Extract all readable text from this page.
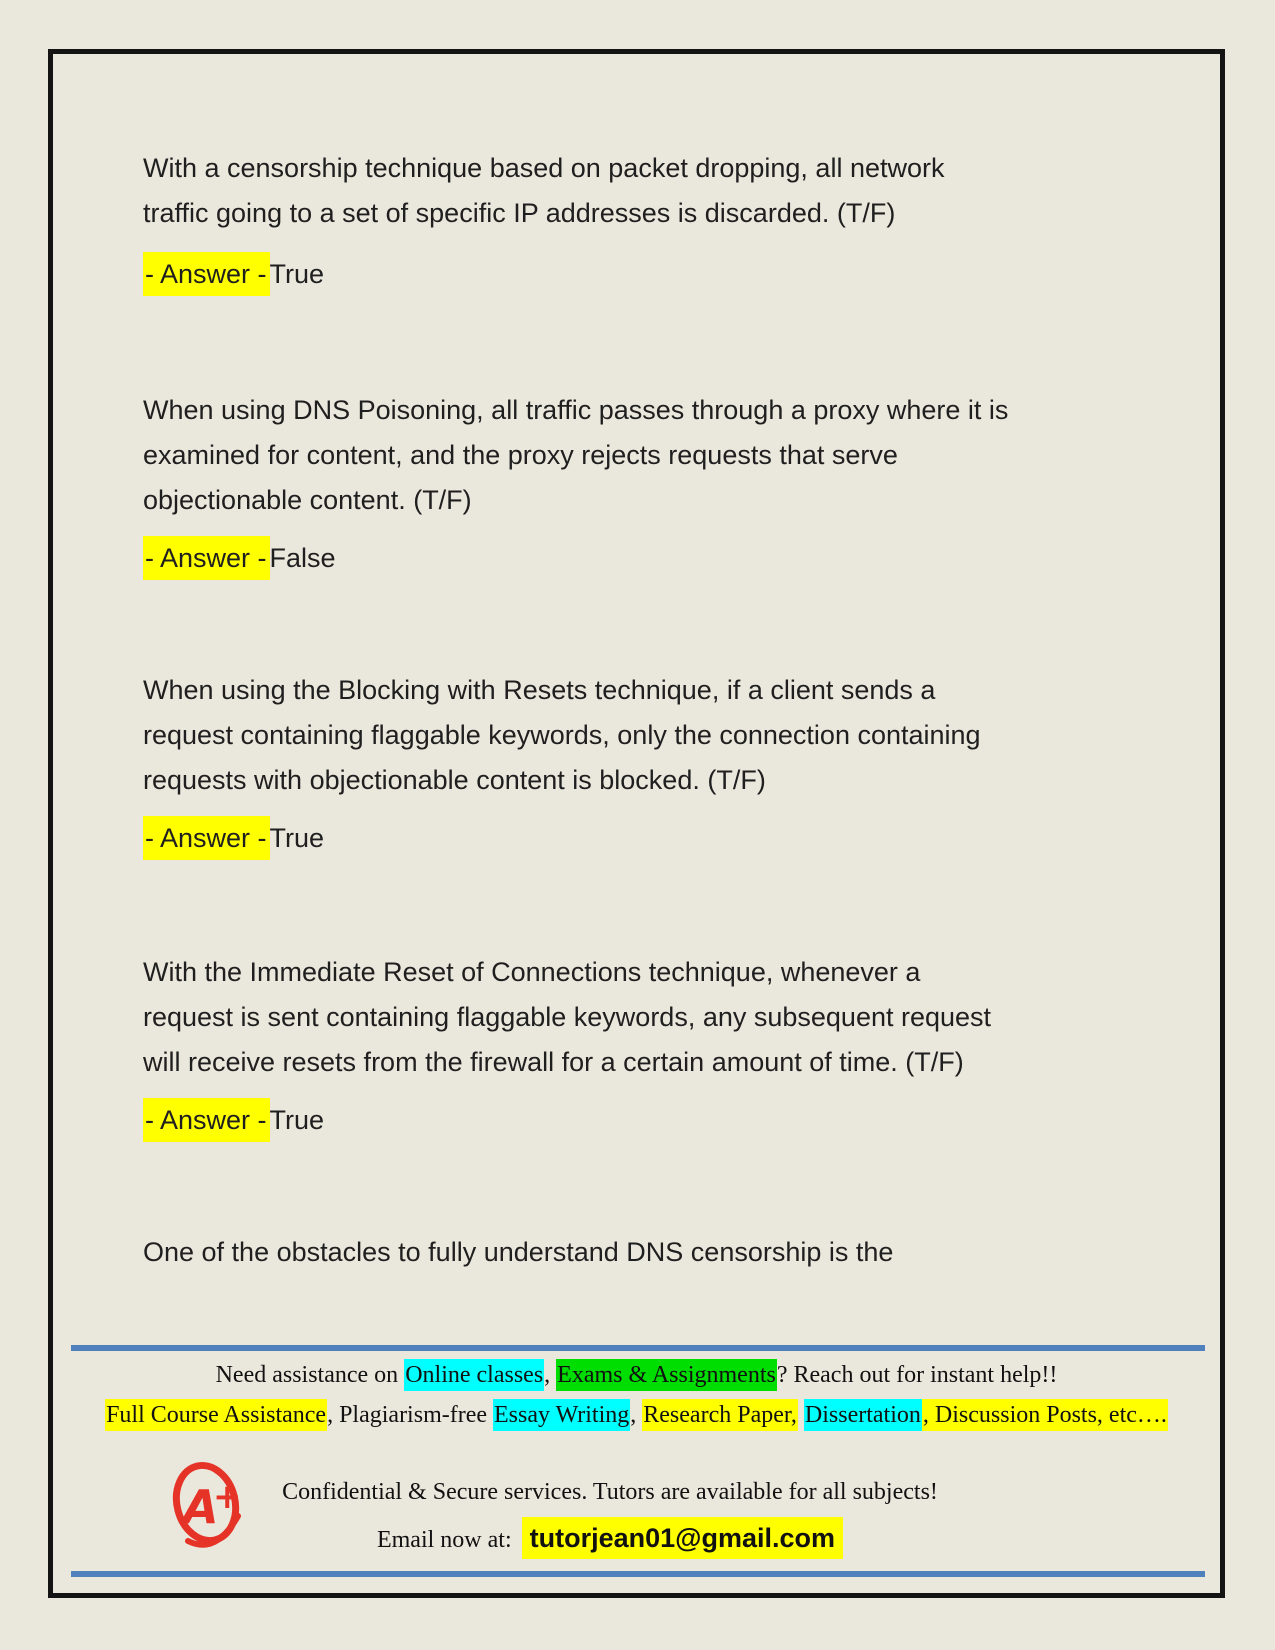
With a censorship technique based on packet dropping, all network
traffic going to a set of specific IP addresses is discarded. (T/F)
- Answer - True
When using DNS Poisoning, all traffic passes through a proxy where it is
examined for content, and the proxy rejects requests that serve
objectionable content. (T/F)
- Answer - False
When using the Blocking with Resets technique, if a client sends a
request containing flaggable keywords, only the connection containing
requests with objectionable content is blocked. (T/F)
- Answer - True
With the Immediate Reset of Connections technique, whenever a
request is sent containing flaggable keywords, any subsequent request
will receive resets from the firewall for a certain amount of time. (T/F)
- Answer - True
One of the obstacles to fully understand DNS censorship is the
Need assistance on Online classes, Exams & Assignments? Reach out for instant help!!
Full Course Assistance, Plagiarism-free Essay Writing, Research Paper, Dissertation, Discussion Posts, etc….
A
+	Confidential & Secure services. Tutors are available for all subjects!
Email now at: tutorjean01@gmail.com
